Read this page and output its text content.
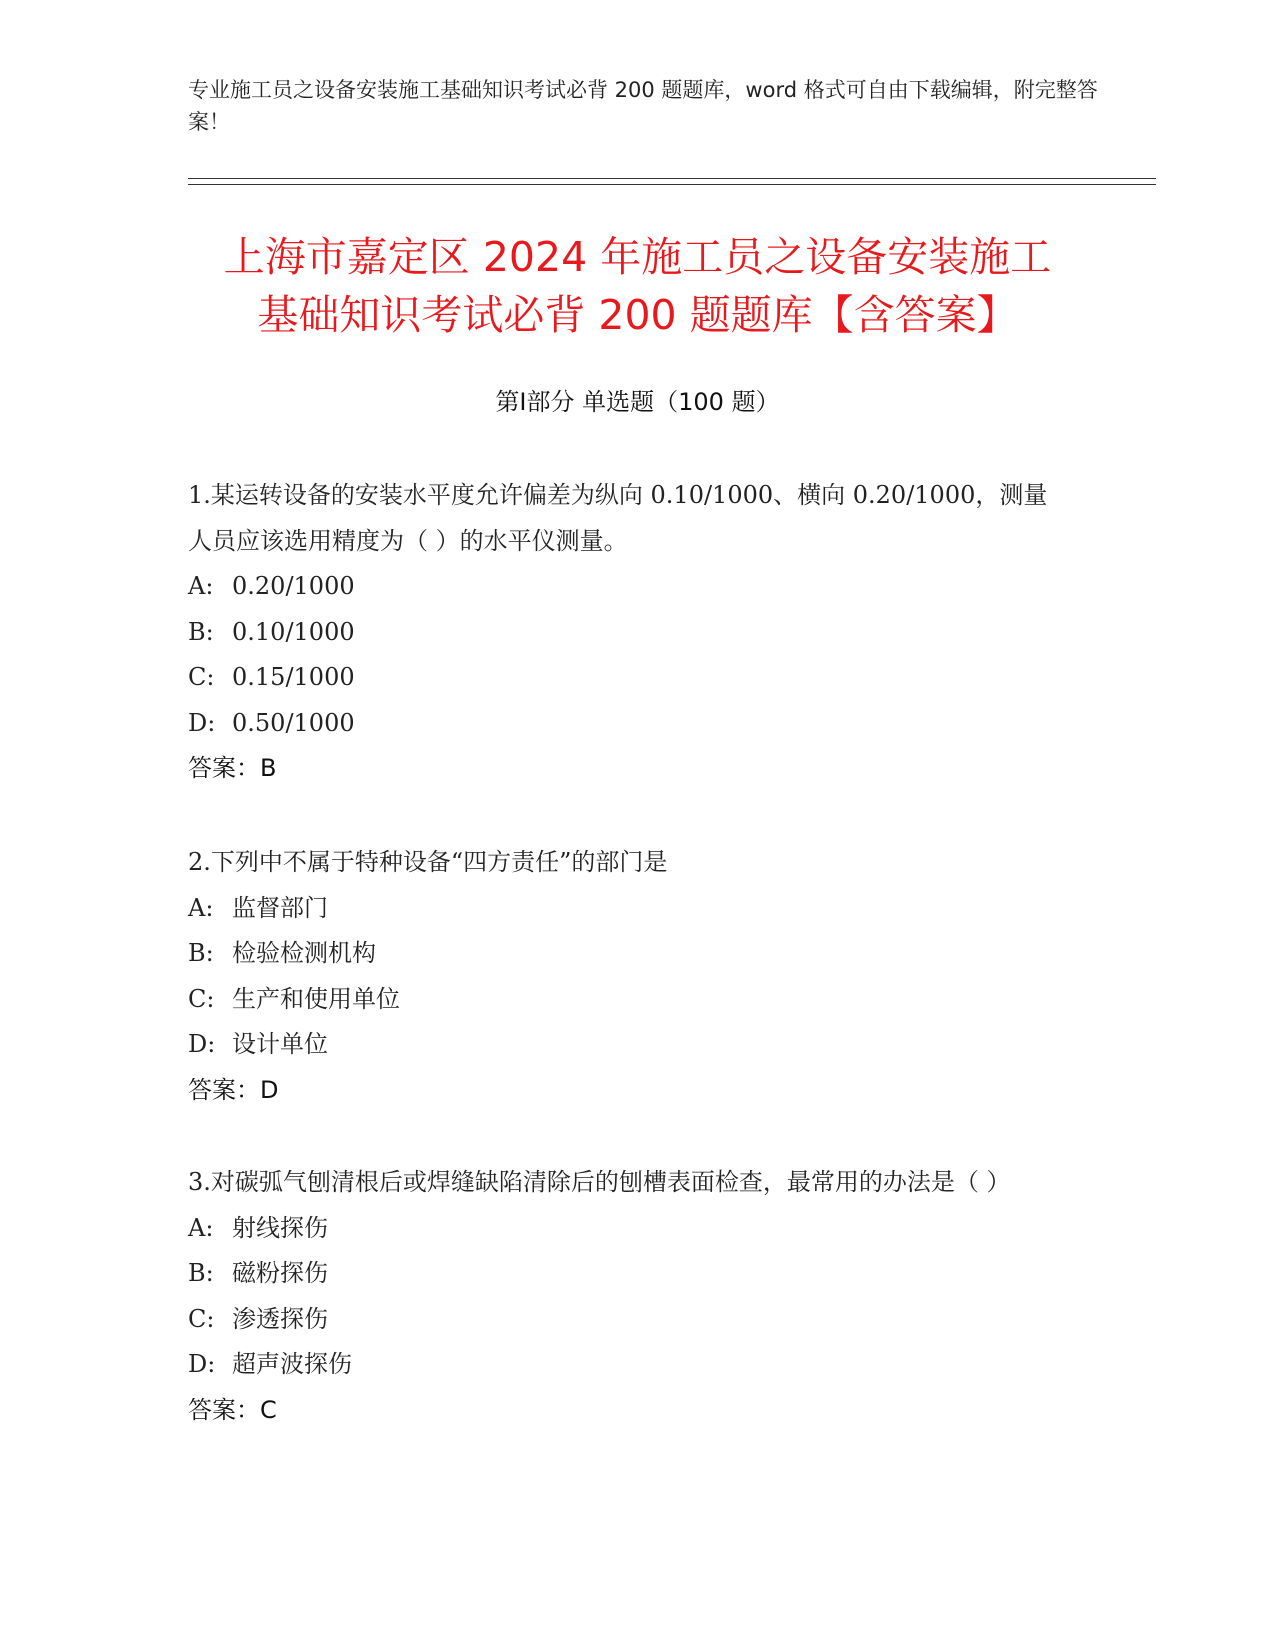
专业施工员之设备安装施工基础知识考试必背 200 题题库，word 格式可自由下载编辑，附完整答案！
上海市嘉定区 2024 年施工员之设备安装施工
基础知识考试必背 200 题题库【含答案】
第Ⅰ部分 单选题（100 题）
1.某运转设备的安装水平度允许偏差为纵向 0.10/1000、横向 0.20/1000，测量人员应该选用精度为（ ）的水平仪测量。
A: 0.20/1000
B: 0.10/1000
C: 0.15/1000
D: 0.50/1000
答案：B
2.下列中不属于特种设备“四方责任”的部门是
A: 监督部门
B: 检验检测机构
C: 生产和使用单位
D: 设计单位
答案：D
3.对碳弧气刨清根后或焊缝缺陷清除后的刨槽表面检查，最常用的办法是（ ）
A: 射线探伤
B: 磁粉探伤
C: 渗透探伤
D: 超声波探伤
答案：C
